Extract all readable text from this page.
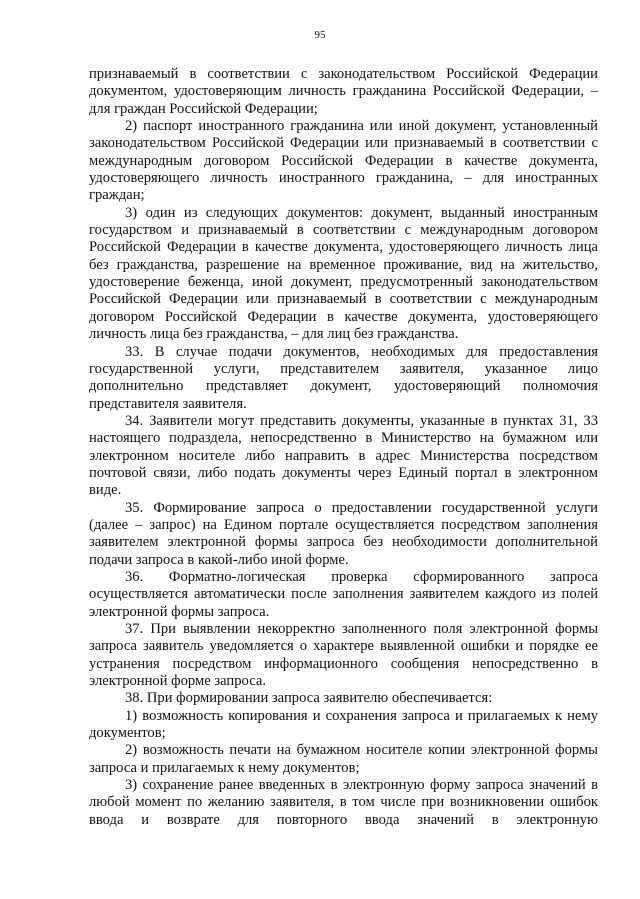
95

признаваемый в соответствии с законодательством Российской Федерации документом, удостоверяющим личность гражданина Российской Федерации, – для граждан Российской Федерации;

2) паспорт иностранного гражданина или иной документ, установленный законодательством Российской Федерации или признаваемый в соответствии с международным договором Российской Федерации в качестве документа, удостоверяющего личность иностранного гражданина, – для иностранных граждан;

3) один из следующих документов: документ, выданный иностранным государством и признаваемый в соответствии с международным договором Российской Федерации в качестве документа, удостоверяющего личность лица без гражданства, разрешение на временное проживание, вид на жительство, удостоверение беженца, иной документ, предусмотренный законодательством Российской Федерации или признаваемый в соответствии с международным договором Российской Федерации в качестве документа, удостоверяющего личность лица без гражданства, – для лиц без гражданства.

33. В случае подачи документов, необходимых для предоставления государственной услуги, представителем заявителя, указанное лицо дополнительно представляет документ, удостоверяющий полномочия представителя заявителя.

34. Заявители могут представить документы, указанные в пунктах 31, 33 настоящего подраздела, непосредственно в Министерство на бумажном или электронном носителе либо направить в адрес Министерства посредством почтовой связи, либо подать документы через Единый портал в электронном виде.

35. Формирование запроса о предоставлении государственной услуги (далее – запрос) на Едином портале осуществляется посредством заполнения заявителем электронной формы запроса без необходимости дополнительной подачи запроса в какой-либо иной форме.

36. Форматно-логическая проверка сформированного запроса осуществляется автоматически после заполнения заявителем каждого из полей электронной формы запроса.

37. При выявлении некорректно заполненного поля электронной формы запроса заявитель уведомляется о характере выявленной ошибки и порядке ее устранения посредством информационного сообщения непосредственно в электронной форме запроса.

38. При формировании запроса заявителю обеспечивается:

1) возможность копирования и сохранения запроса и прилагаемых к нему документов;

2) возможность печати на бумажном носителе копии электронной формы запроса и прилагаемых к нему документов;

3) сохранение ранее введенных в электронную форму запроса значений в любой момент по желанию заявителя, в том числе при возникновении ошибок ввода и возврате для повторного ввода значений в электронную
